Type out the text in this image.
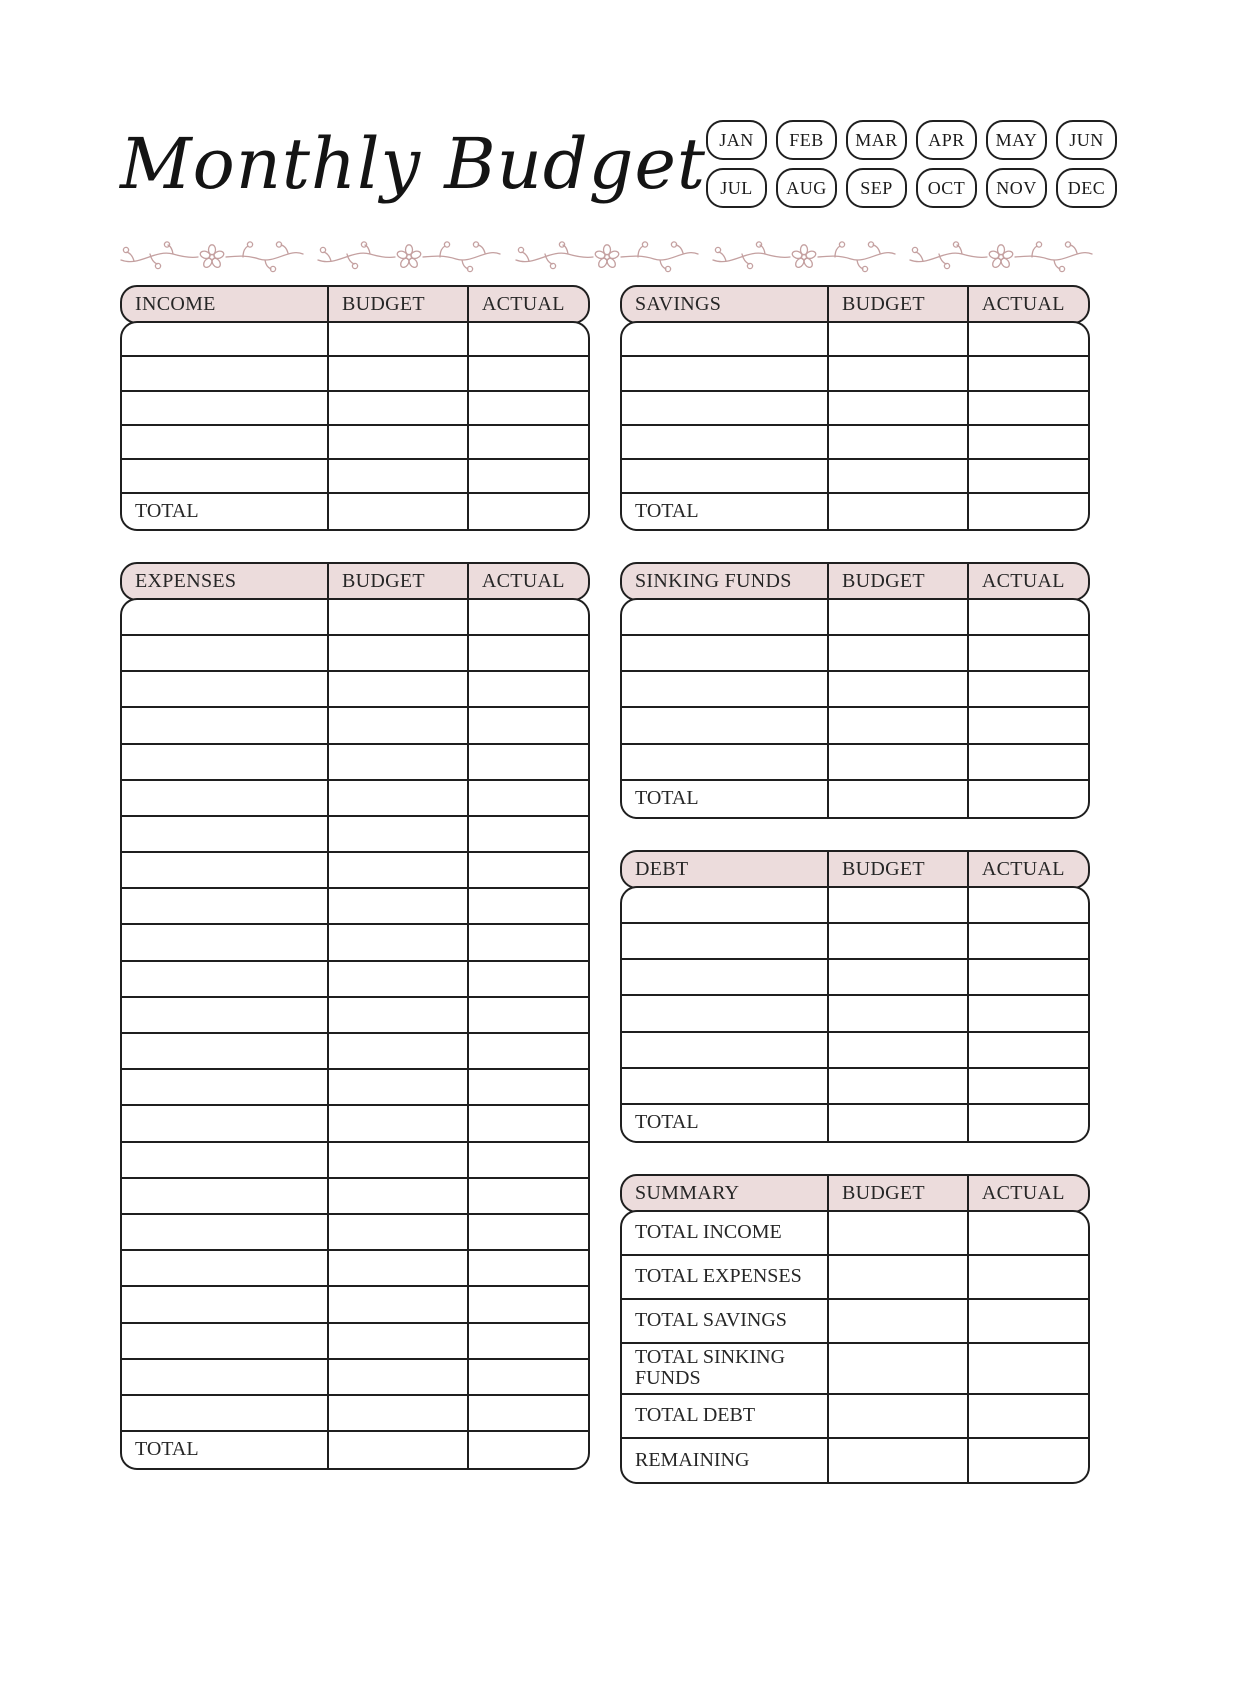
Monthly Budget JAN	FEB	MAR	APR	MAY	JUN
JUL	AUG	SEP	OCT	NOV	DEC
INCOME	BUDGET	ACTUAL
TOTAL
EXPENSES	BUDGET	ACTUAL
TOTAL
SAVINGS	BUDGET	ACTUAL
TOTAL
SINKING FUNDS	BUDGET	ACTUAL
TOTAL
DEBT	BUDGET	ACTUAL
TOTAL
SUMMARY	BUDGET	ACTUAL
TOTAL INCOME
TOTAL EXPENSES
TOTAL SAVINGS
TOTAL SINKING FUNDS
TOTAL DEBT
REMAINING
